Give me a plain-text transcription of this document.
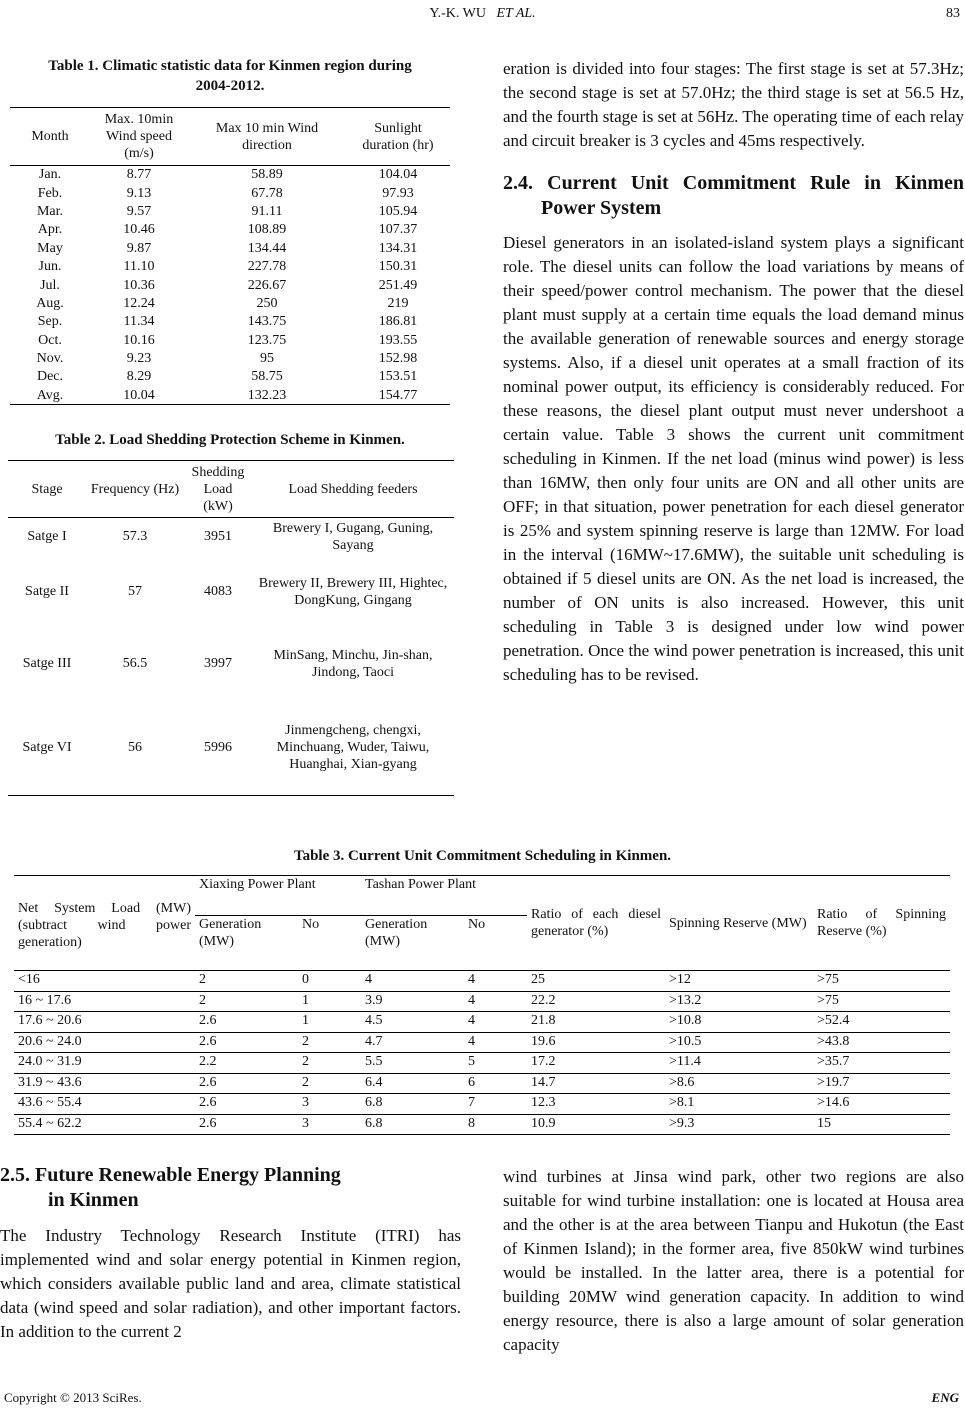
Y.-K. WU ET AL.	83
Table 1. Climatic statistic data for Kinmen region during
2004-2012.
Month	Max. 10min Wind speed (m/s)	Max 10 min Wind direction	Sunlight duration (hr)
Jan.	8.77	58.89	104.04
Feb.	9.13	67.78	97.93
Mar.	9.57	91.11	105.94
Apr.	10.46	108.89	107.37
May	9.87	134.44	134.31
Jun.	11.10	227.78	150.31
Jul.	10.36	226.67	251.49
Aug.	12.24	250	219
Sep.	11.34	143.75	186.81
Oct.	10.16	123.75	193.55
Nov.	9.23	95	152.98
Dec.	8.29	58.75	153.51
Avg.	10.04	132.23	154.77
Table 2. Load Shedding Protection Scheme in Kinmen.
Stage	Frequency (Hz)	Shedding Load (kW)	Load Shedding feeders
Satge I	57.3	3951	Brewery I, Gugang, Guning, Sayang
Satge II	57	4083	Brewery II, Brewery III, Hightec, DongKung, Gingang
Satge III	56.5	3997	MinSang, Minchu, Jin-shan, Jindong, Taoci
Satge VI	56	5996	Jinmengcheng, chengxi, Minchuang, Wuder, Taiwu, Huanghai, Xian-gyang

eration is divided into four stages: The first stage is set at 57.3Hz; the second stage is set at 57.0Hz; the third stage is set at 56.5 Hz, and the fourth stage is set at 56Hz. The operating time of each relay and circuit breaker is 3 cycles and 45ms respectively.

2.4. Current Unit Commitment Rule in Kinmen
Power System

Diesel generators in an isolated-island system plays a significant role. The diesel units can follow the load variations by means of their speed/power control mechanism. The power that the diesel plant must supply at a certain time equals the load demand minus the available generation of renewable sources and energy storage systems. Also, if a diesel unit operates at a small fraction of its nominal power output, its efficiency is considerably reduced. For these reasons, the diesel plant output must never undershoot a certain value. Table 3 shows the current unit commitment scheduling in Kinmen. If the net load (minus wind power) is less than 16MW, then only four units are ON and all other units are OFF; in that situation, power penetration for each diesel generator is 25% and system spinning reserve is large than 12MW. For load in the interval (16MW~17.6MW), the suitable unit scheduling is obtained if 5 diesel units are ON. As the net load is increased, the number of ON units is also increased. However, this unit scheduling in Table 3 is designed under low wind power penetration. Once the wind power penetration is increased, this unit scheduling has to be revised.

Table 3. Current Unit Commitment Scheduling in Kinmen.
Net System Load (MW) (subtract wind power generation)	Xiaxing Power Plant		Tashan Power Plant		Ratio of each diesel generator (%)	Spinning Reserve (MW)	Ratio of Spinning Reserve (%)
	Generation (MW)	No	Generation (MW)	No			
<16	2	0	4	4	25	>12	>75
16 ~ 17.6	2	1	3.9	4	22.2	>13.2	>75
17.6 ~ 20.6	2.6	1	4.5	4	21.8	>10.8	>52.4
20.6 ~ 24.0	2.6	2	4.7	4	19.6	>10.5	>43.8
24.0 ~ 31.9	2.2	2	5.5	5	17.2	>11.4	>35.7
31.9 ~ 43.6	2.6	2	6.4	6	14.7	>8.6	>19.7
43.6 ~ 55.4	2.6	3	6.8	7	12.3	>8.1	>14.6
55.4 ~ 62.2	2.6	3	6.8	8	10.9	>9.3	15
2.5. Future Renewable Energy Planning
in Kinmen

The Industry Technology Research Institute (ITRI) has implemented wind and solar energy potential in Kinmen region, which considers available public land and area, climate statistical data (wind speed and solar radiation), and other important factors. In addition to the current 2

wind turbines at Jinsa wind park, other two regions are also suitable for wind turbine installation: one is located at Housa area and the other is at the area between Tianpu and Hukotun (the East of Kinmen Island); in the former area, five 850kW wind turbines would be installed. In the latter area, there is a potential for building 20MW wind generation capacity. In addition to wind energy resource, there is also a large amount of solar generation capacity

Copyright © 2013 SciRes.	ENG
